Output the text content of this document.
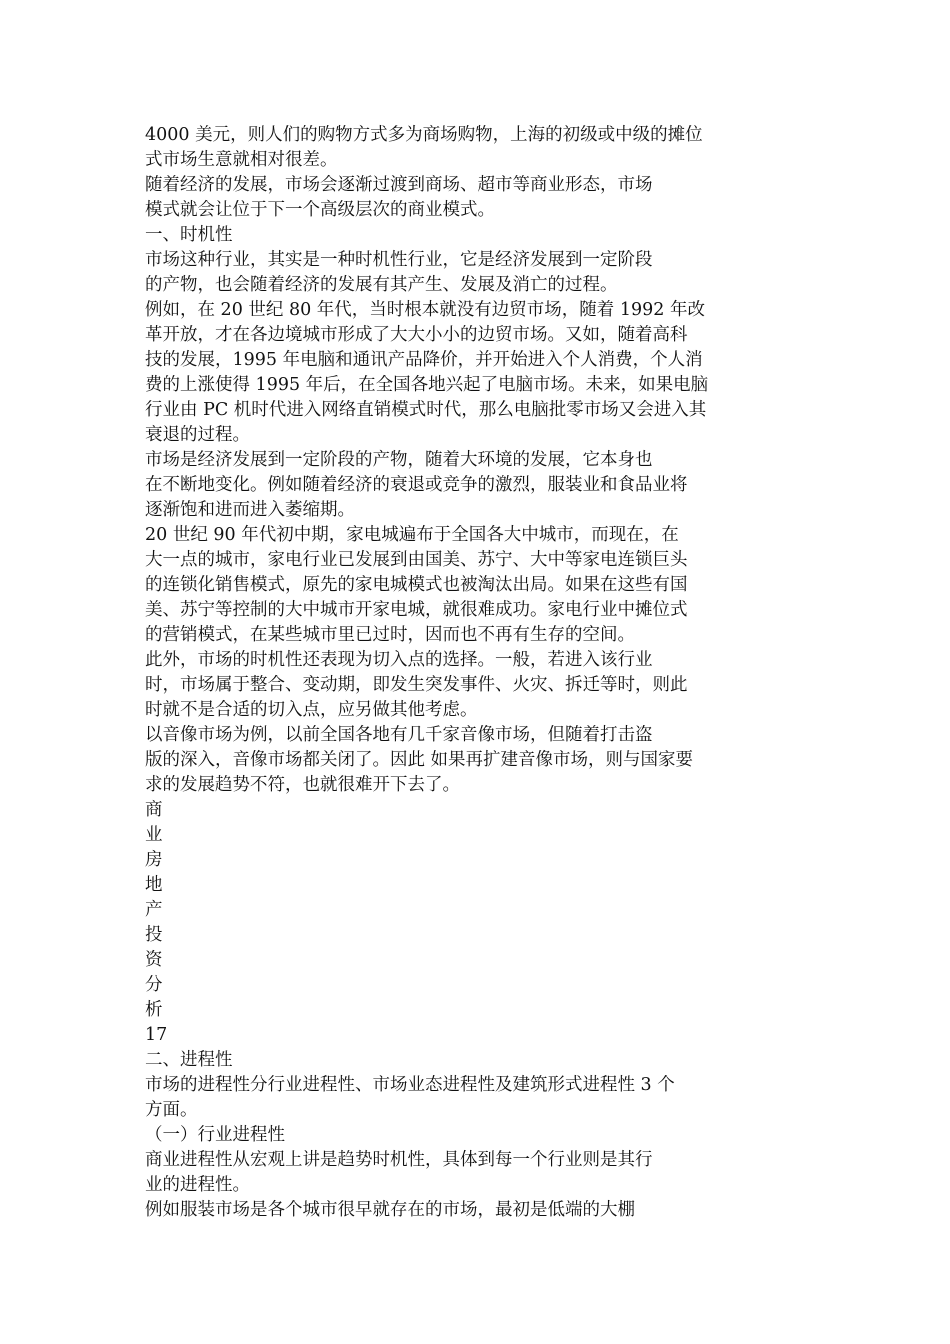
4000 美元，则人们的购物方式多为商场购物，上海的初级或中级的摊位
式市场生意就相对很差。
随着经济的发展，市场会逐渐过渡到商场、超市等商业形态，市场
模式就会让位于下一个高级层次的商业模式。
一、时机性
市场这种行业，其实是一种时机性行业，它是经济发展到一定阶段
的产物，也会随着经济的发展有其产生、发展及消亡的过程。
例如，在 20 世纪 80 年代，当时根本就没有边贸市场，随着 1992 年改
革开放，才在各边境城市形成了大大小小的边贸市场。又如，随着高科
技的发展，1995 年电脑和通讯产品降价，并开始进入个人消费，个人消
费的上涨使得 1995 年后，在全国各地兴起了电脑市场。未来，如果电脑
行业由 PC 机时代进入网络直销模式时代，那么电脑批零市场又会进入其
衰退的过程。
市场是经济发展到一定阶段的产物，随着大环境的发展，它本身也
在不断地变化。例如随着经济的衰退或竞争的激烈，服装业和食品业将
逐渐饱和进而进入萎缩期。
20 世纪 90 年代初中期，家电城遍布于全国各大中城市，而现在，在
大一点的城市，家电行业已发展到由国美、苏宁、大中等家电连锁巨头
的连锁化销售模式，原先的家电城模式也被淘汰出局。如果在这些有国
美、苏宁等控制的大中城市开家电城，就很难成功。家电行业中摊位式
的营销模式，在某些城市里已过时，因而也不再有生存的空间。
此外，市场的时机性还表现为切入点的选择。一般，若进入该行业
时，市场属于整合、变动期，即发生突发事件、火灾、拆迁等时，则此
时就不是合适的切入点，应另做其他考虑。
以音像市场为例，以前全国各地有几千家音像市场，但随着打击盗
版的深入，音像市场都关闭了。因此 如果再扩建音像市场，则与国家要
求的发展趋势不符，也就很难开下去了。
商
业
房
地
产
投
资
分
析
17
二、进程性
市场的进程性分行业进程性、市场业态进程性及建筑形式进程性 3 个
方面。
（一）行业进程性
商业进程性从宏观上讲是趋势时机性，具体到每一个行业则是其行
业的进程性。
例如服装市场是各个城市很早就存在的市场，最初是低端的大棚
